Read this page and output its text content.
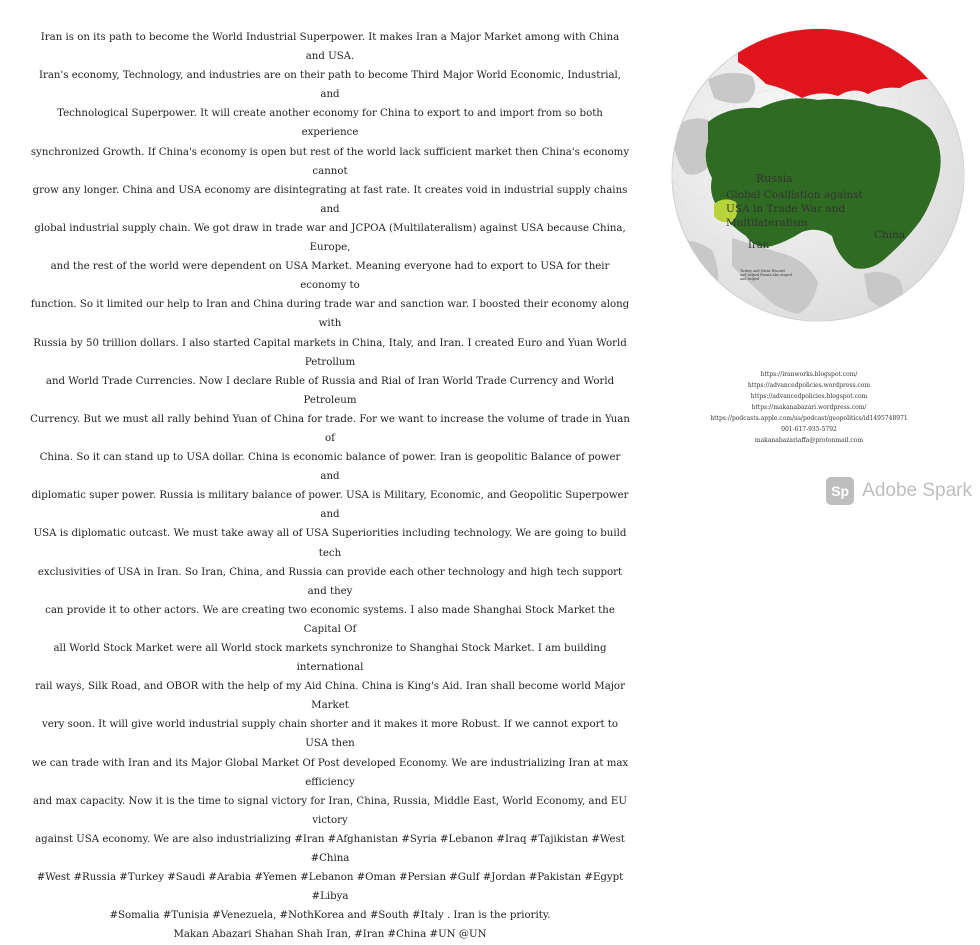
Iran is on its path to become the World Industrial Superpower. It makes Iran a Major Market among with China and USA.

Iran's economy, Technology, and industries are on their path to become Third Major World Economic, Industrial, and

Technological Superpower. It will create another economy for China to export to and import from so both experience

synchronized Growth. If China's economy is open but rest of the world lack sufficient market then China's economy cannot

grow any longer. China and USA economy are disintegrating at fast rate. It creates void in industrial supply chains and

global industrial supply chain. We got draw in trade war and JCPOA (Multilateralism) against USA because China, Europe,

and the rest of the world were dependent on USA Market. Meaning everyone had to export to USA for their economy to

function. So it limited our help to Iran and China during trade war and sanction war. I boosted their economy along with

Russia by 50 trillion dollars. I also started Capital markets in China, Italy, and Iran. I created Euro and Yuan World Petrollum

and World Trade Currencies. Now I declare Ruble of Russia and Rial of Iran World Trade Currency and World Petroleum

Currency. But we must all rally behind Yuan of China for trade. For we want to increase the volume of trade in Yuan of

China. So it can stand up to USA dollar. China is economic balance of power. Iran is geopolitic Balance of power and

diplomatic super power. Russia is military balance of power. USA is Military, Economic, and Geopolitic Superpower and

USA is diplomatic outcast. We must take away all of USA Superiorities including technology. We are going to build tech

exclusivities of USA in Iran. So Iran, China, and Russia can provide each other technology and high tech support and they

can provide it to other actors. We are creating two economic systems. I also made Shanghai Stock Market the Capital Of

all World Stock Market were all World stock markets synchronize to Shanghai Stock Market. I am building international

rail ways, Silk Road, and OBOR with the help of my Aid China. China is King's Aid. Iran shall become world Major Market

very soon. It will give world industrial supply chain shorter and it makes it more Robust. If we cannot export to USA then

we can trade with Iran and its Major Global Market Of Post developed Economy. We are industrializing Iran at max efficiency

and max capacity. Now it is the time to signal victory for Iran, China, Russia, Middle East, World Economy, and EU victory

against USA economy. We are also industrializing #Iran #Afghanistan #Syria #Lebanon #Iraq #Tajikistan #West #China

#West #Russia #Turkey #Saudi #Arabia #Yemen #Lebanon #Oman #Persian #Gulf #Jordan #Pakistan #Egypt #Libya

#Somalia #Tunisia #Venezuela, #NothKorea and #South #Italy . Iran is the priority.

Makan Abazari Shahan Shah Iran, #Iran #China #UN @UN

Russia
Global Coallistion against
USA in Trade War and
Multilateralism
Iran
China
Turkey and Qatar Discord
and helped Russia also stayed
and helped
https://iranworks.blogspot.com/
https://advancedpolicies.wordpress.com
https://advancedpolicies.blogspot.com
https://makanabazari.wordpress.com/
https://podcasts.apple.com/us/podcast/geopolitics/id1495748971
001-617-935-5792
makanabazariaffa@protonmail.com
Sp Adobe Spark
